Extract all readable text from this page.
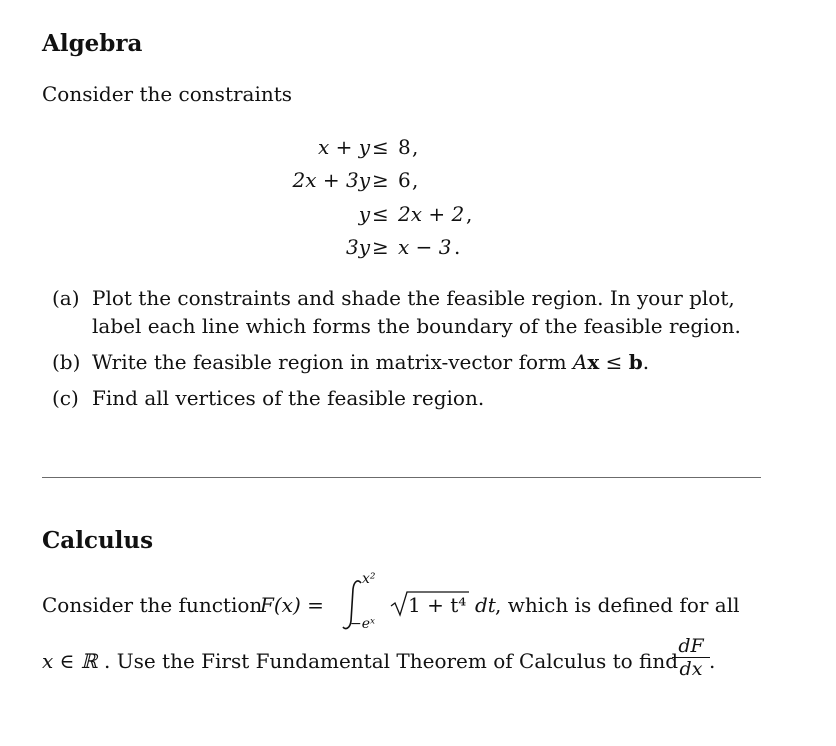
Algebra
Consider the constraints
x + y ≤ 8 ,
2x + 3y ≥ 6 ,
y ≤ 2x + 2 ,
3y ≥ x − 3 .
(a) Plot the constraints and shade the feasible region. In your plot,
label each line which forms the boundary of the feasible region.
(b) Write the feasible region in matrix-vector form Ax ≤ b.
(c) Find all vertices of the feasible region.
Calculus
Consider the function
F(x) =
x²
−eˣ
1 + t⁴ dt , which is defined for all
x ∈ ℝ . Use the First Fundamental Theorem of Calculus to find
$\frac{dF}{dx}$ .
